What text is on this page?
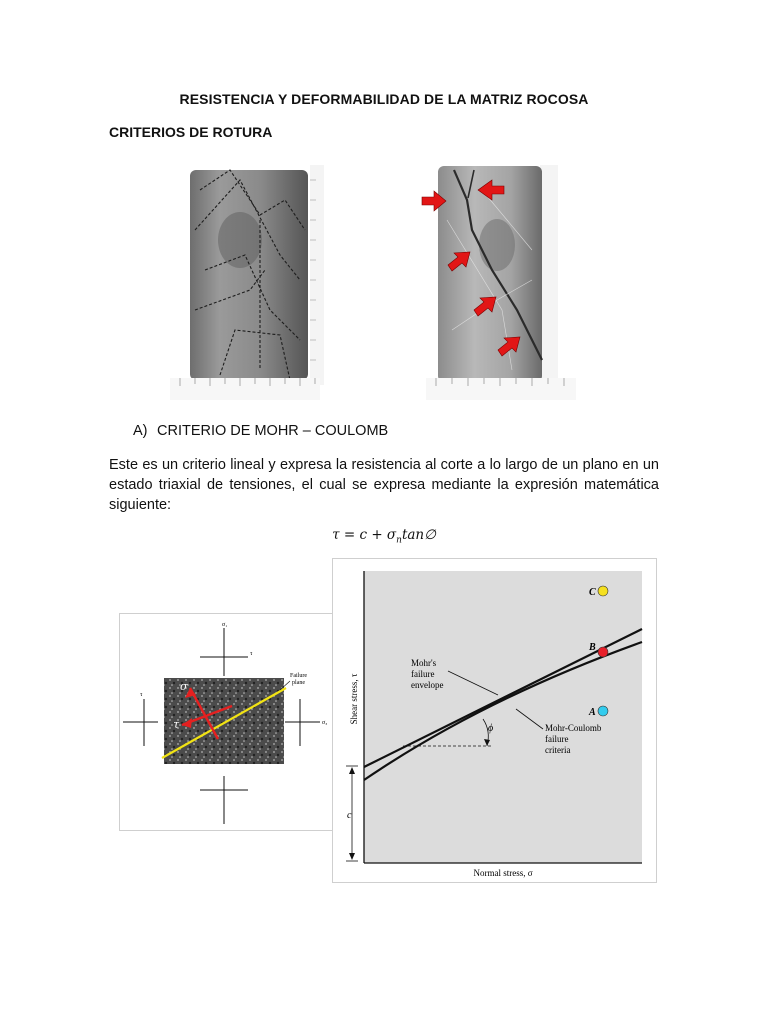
RESISTENCIA Y DEFORMABILIDAD DE LA MATRIZ ROCOSA
CRITERIOS DE ROTURA
A) CRITERIO DE MOHR – COULOMB
Este es un criterio lineal y expresa la resistencia al corte a lo largo de un plano en un estado triaxial de tensiones, el cual se expresa mediante la expresión matemática siguiente:
$\tau = c + \sigma_n\tan\emptyset$
σ₁
τ
τ
σ₃
Failure
plane
σ
τ
Shear stress, τ
Normal stress, σ
c
ϕ
Mohr's
failure
envelope
Mohr-Coulomb
failure
criteria
C
B
A
